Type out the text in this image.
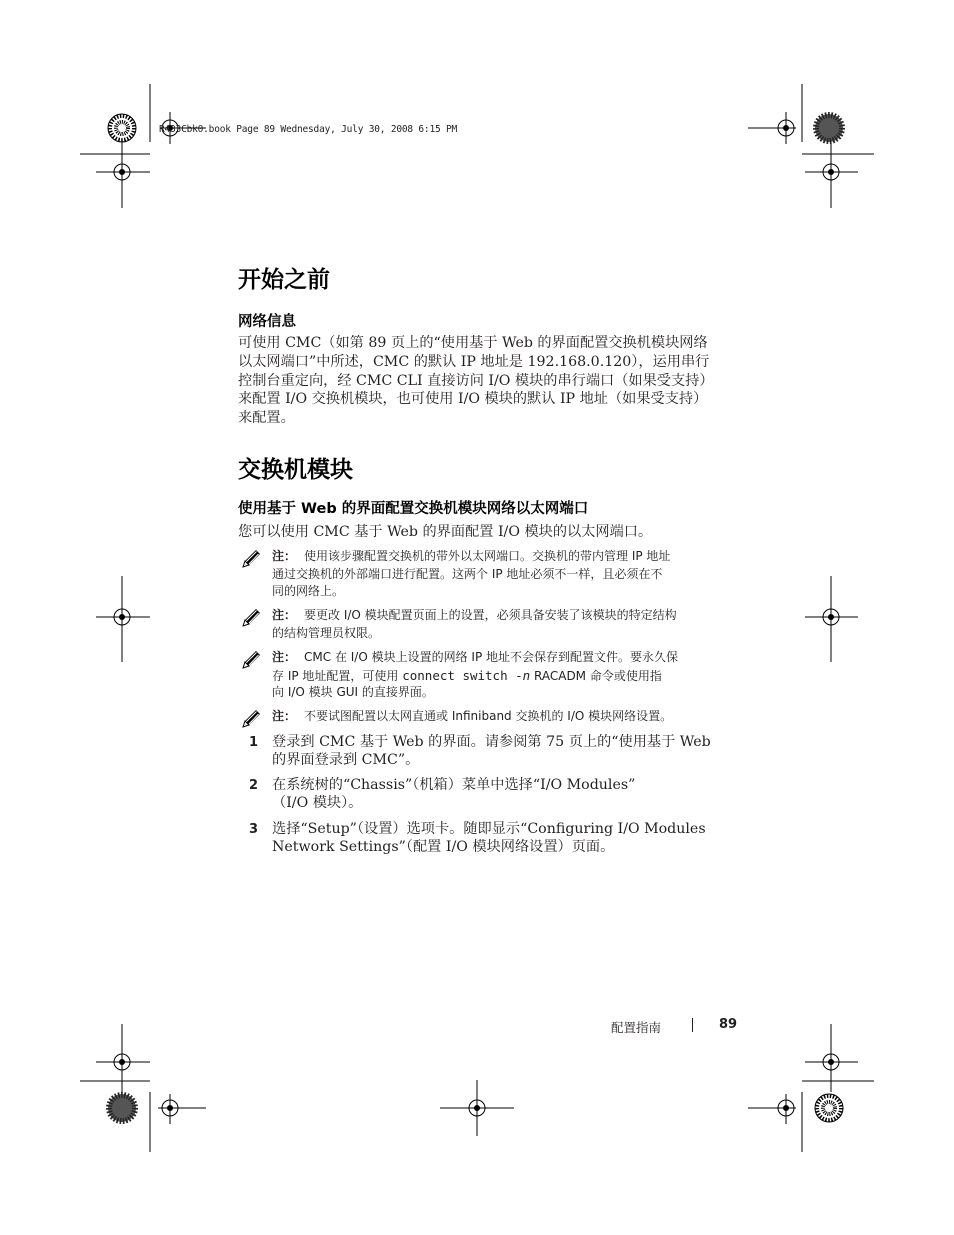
R433Cbk0.book Page 89 Wednesday, July 30, 2008 6:15 PM
开始之前
网络信息
可使用 CMC（如第 89 页上的“使用基于 Web 的界面配置交换机模块网络
以太网端口”中所述，CMC 的默认 IP 地址是 192.168.0.120），运用串行
控制台重定向，经 CMC CLI 直接访问 I/O 模块的串行端口（如果受支持）
来配置 I/O 交换机模块，也可使用 I/O 模块的默认 IP 地址（如果受支持）
来配置。
交换机模块
使用基于 Web 的界面配置交换机模块网络以太网端口
您可以使用 CMC 基于 Web 的界面配置 I/O 模块的以太网端口。
注： 使用该步骤配置交换机的带外以太网端口。交换机的带内管理 IP 地址
通过交换机的外部端口进行配置。这两个 IP 地址必须不一样，且必须在不
同的网络上。
注： 要更改 I/O 模块配置页面上的设置，必须具备安装了该模块的特定结构
的结构管理员权限。
注： CMC 在 I/O 模块上设置的网络 IP 地址不会保存到配置文件。要永久保
存 IP 地址配置，可使用 connect switch -n RACADM 命令或使用指
向 I/O 模块 GUI 的直接界面。
注： 不要试图配置以太网直通或 Infiniband 交换机的 I/O 模块网络设置。
1 登录到 CMC 基于 Web 的界面。请参阅第 75 页上的“使用基于 Web
的界面登录到 CMC”。
2 在系统树的“Chassis”（机箱）菜单中选择“I/O Modules”
（I/O 模块）。
3 选择“Setup”（设置）选项卡。随即显示“Configuring I/O Modules
Network Settings”（配置 I/O 模块网络设置）页面。
配置指南	89
